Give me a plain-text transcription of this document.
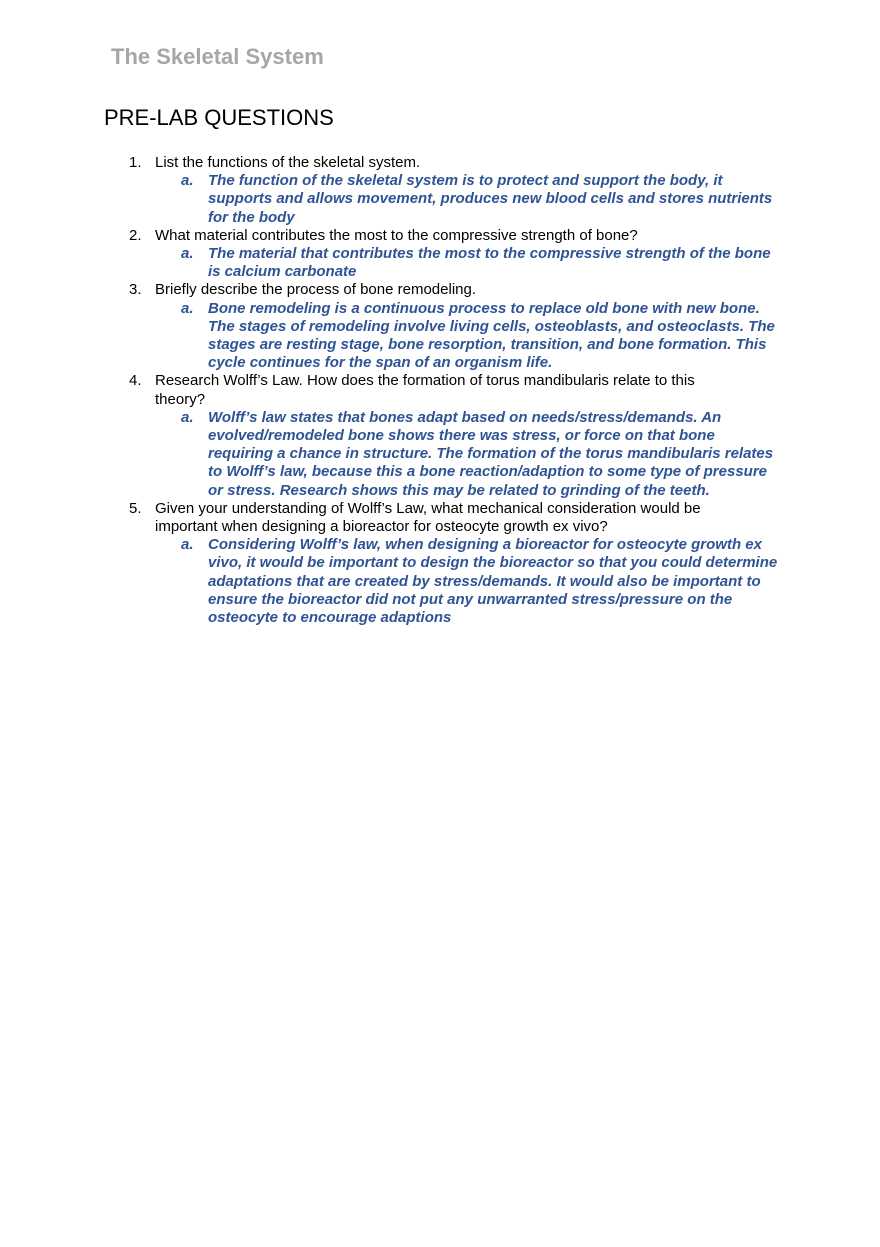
The Skeletal System
PRE-LAB QUESTIONS
1. List the functions of the skeletal system.
a. The function of the skeletal system is to protect and support the body, it supports and allows movement, produces new blood cells and stores nutrients for the body
2. What material contributes the most to the compressive strength of bone?
a. The material that contributes the most to the compressive strength of the bone is calcium carbonate
3. Briefly describe the process of bone remodeling.
a. Bone remodeling is a continuous process to replace old bone with new bone. The stages of remodeling involve living cells, osteoblasts, and osteoclasts. The stages are resting stage, bone resorption, transition, and bone formation. This cycle continues for the span of an organism life.
4. Research Wolff’s Law. How does the formation of torus mandibularis relate to this theory?
a. Wolff’s law states that bones adapt based on needs/stress/demands. An evolved/remodeled bone shows there was stress, or force on that bone requiring a chance in structure. The formation of the torus mandibularis relates to Wolff’s law, because this a bone reaction/adaption to some type of pressure or stress. Research shows this may be related to grinding of the teeth.
5. Given your understanding of Wolff’s Law, what mechanical consideration would be important when designing a bioreactor for osteocyte growth ex vivo?
a. Considering Wolff’s law, when designing a bioreactor for osteocyte growth ex vivo, it would be important to design the bioreactor so that you could determine adaptations that are created by stress/demands. It would also be important to ensure the bioreactor did not put any unwarranted stress/pressure on the osteocyte to encourage adaptions
